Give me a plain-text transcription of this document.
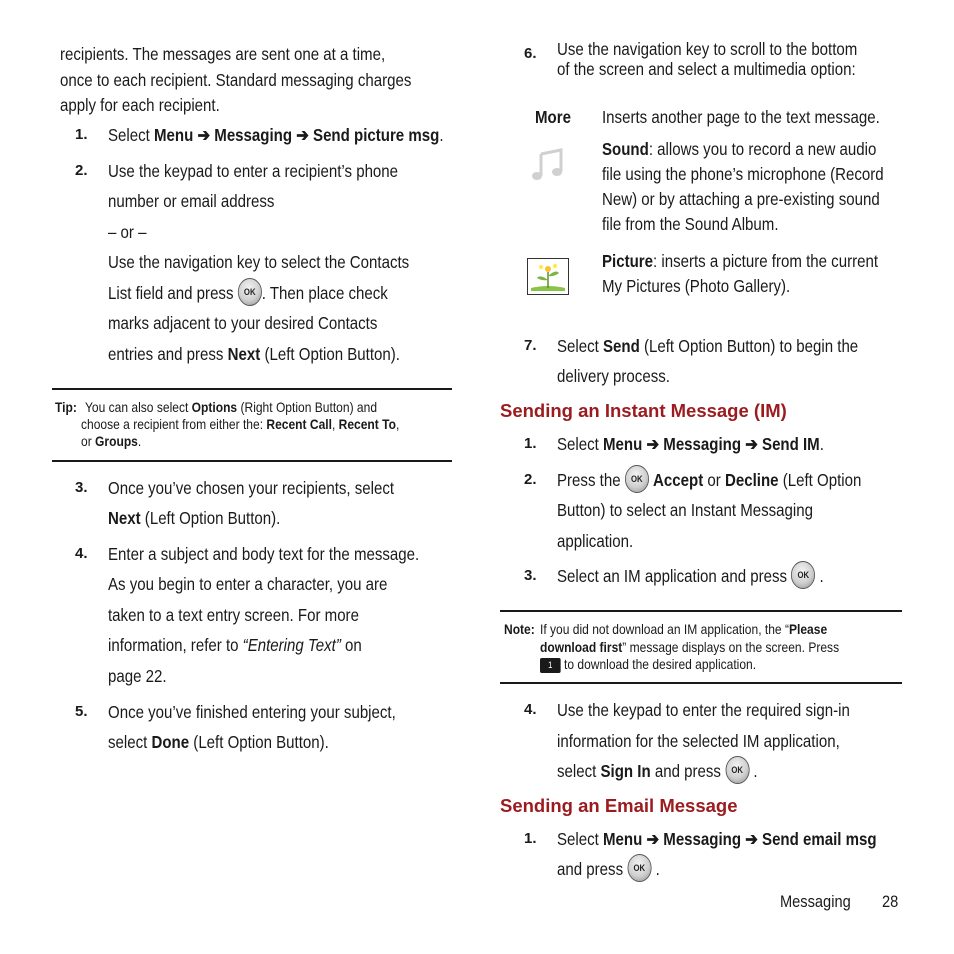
recipients. The messages are sent one at a time,
once to each recipient. Standard messaging charges
apply for each recipient.
1. Select Menu ➔ Messaging ➔ Send picture msg.
2. Use the keypad to enter a recipient’s phone
number or email address
– or –
Use the navigation key to select the Contacts
List field and press OK . Then place check
marks adjacent to your desired Contacts
entries and press Next (Left Option Button).
Tip: You can also select Options (Right Option Button) and
choose a recipient from either the: Recent Call, Recent To,
or Groups.
3. Once you’ve chosen your recipients, select
Next (Left Option Button).
4. Enter a subject and body text for the message.
As you begin to enter a character, you are
taken to a text entry screen. For more
information, refer to “Entering Text” on
page 22.
5. Once you’ve finished entering your subject,
select Done (Left Option Button).
6. Use the navigation key to scroll to the bottom
of the screen and select a multimedia option:
More Inserts another page to the text message.
Sound: allows you to record a new audio
file using the phone’s microphone (Record
New) or by attaching a pre-existing sound
file from the Sound Album.
Picture: inserts a picture from the current
My Pictures (Photo Gallery).
7. Select Send (Left Option Button) to begin the
delivery process.
Sending an Instant Message (IM)
1. Select Menu ➔ Messaging ➔ Send IM.
2. Press the OK Accept or Decline (Left Option
Button) to select an Instant Messaging
application.
3. Select an IM application and press OK .
Note: If you did not download an IM application, the “Please
download first” message displays on the screen. Press
1 to download the desired application.
4. Use the keypad to enter the required sign-in
information for the selected IM application,
select Sign In and press OK .
Sending an Email Message
1. Select Menu ➔ Messaging ➔ Send email msg
and press OK .
Messaging 28
